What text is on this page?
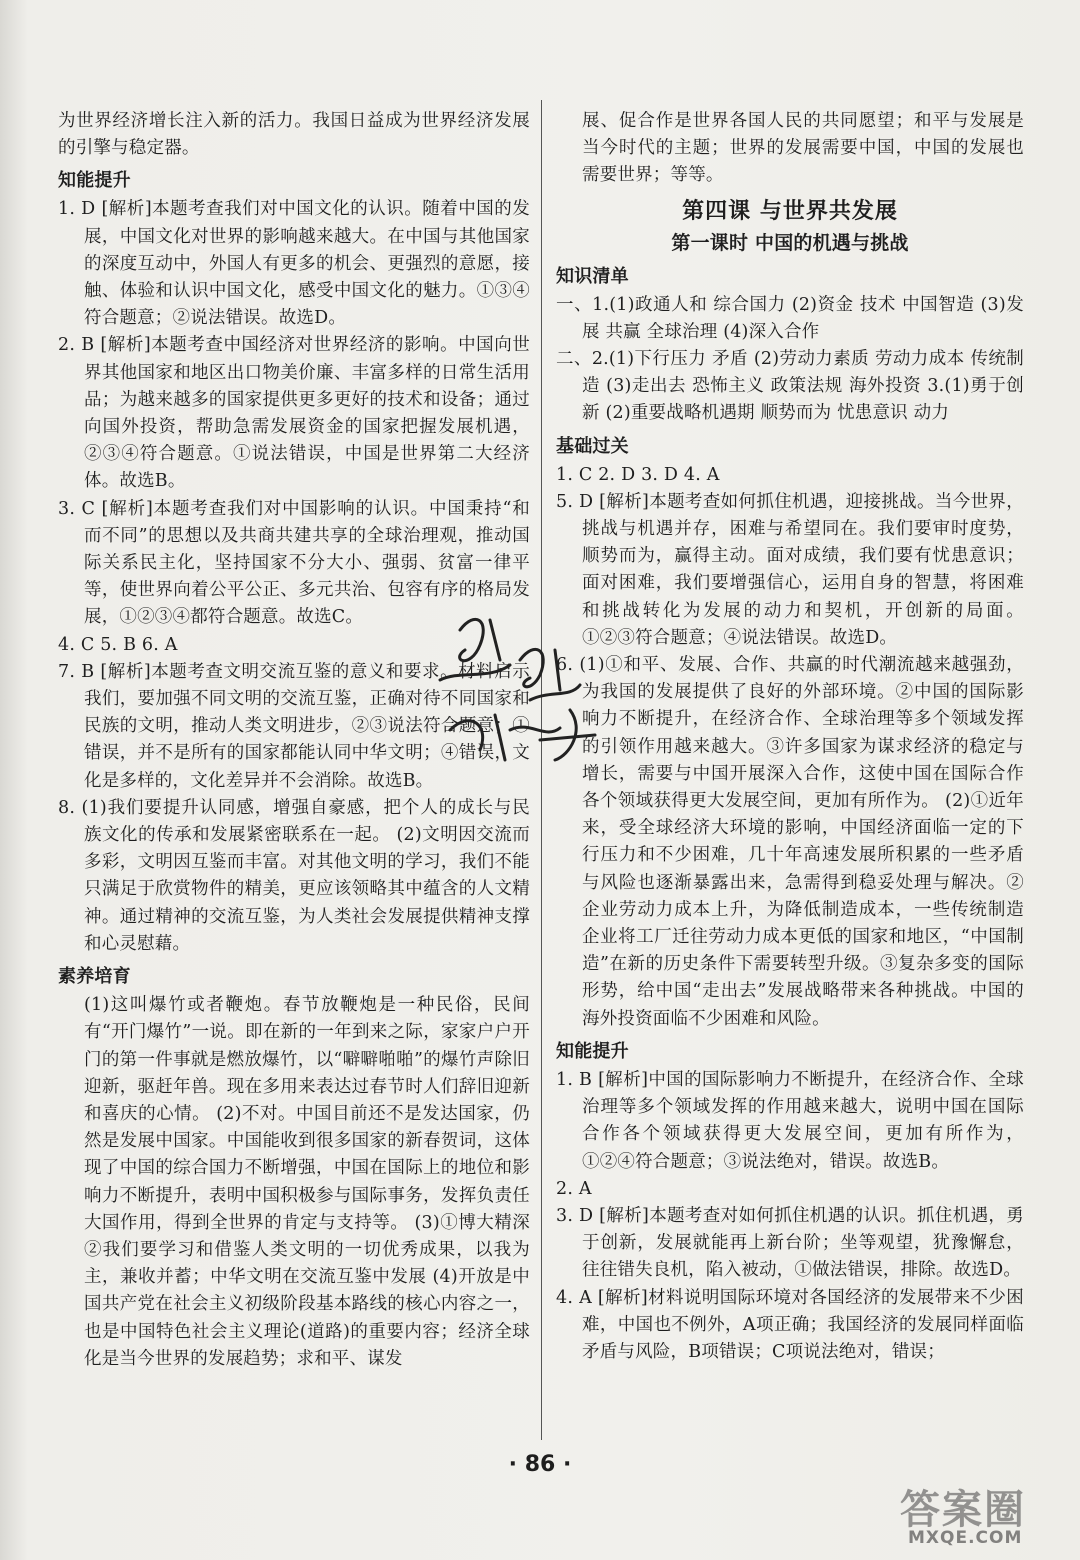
为世界经济增长注入新的活力。我国日益成为世界经济发展的引擎与稳定器。

知能提升

1. D [解析]本题考查我们对中国文化的认识。随着中国的发展，中国文化对世界的影响越来越大。在中国与其他国家的深度互动中，外国人有更多的机会、更强烈的意愿，接触、体验和认识中国文化，感受中国文化的魅力。①③④符合题意；②说法错误。故选D。

2. B [解析]本题考查中国经济对世界经济的影响。中国向世界其他国家和地区出口物美价廉、丰富多样的日常生活用品；为越来越多的国家提供更多更好的技术和设备；通过向国外投资，帮助急需发展资金的国家把握发展机遇，②③④符合题意。①说法错误，中国是世界第二大经济体。故选B。

3. C [解析]本题考查我们对中国影响的认识。中国秉持“和而不同”的思想以及共商共建共享的全球治理观，推动国际关系民主化，坚持国家不分大小、强弱、贫富一律平等，使世界向着公平公正、多元共治、包容有序的格局发展，①②③④都符合题意。故选C。

4. C 5. B 6. A

7. B [解析]本题考查文明交流互鉴的意义和要求。材料启示我们，要加强不同文明的交流互鉴，正确对待不同国家和民族的文明，推动人类文明进步，②③说法符合题意；①错误，并不是所有的国家都能认同中华文明；④错误，文化是多样的，文化差异并不会消除。故选B。

8. (1)我们要提升认同感，增强自豪感，把个人的成长与民族文化的传承和发展紧密联系在一起。 (2)文明因交流而多彩，文明因互鉴而丰富。对其他文明的学习，我们不能只满足于欣赏物件的精美，更应该领略其中蕴含的人文精神。通过精神的交流互鉴，为人类社会发展提供精神支撑和心灵慰藉。

素养培育

(1)这叫爆竹或者鞭炮。春节放鞭炮是一种民俗，民间有“开门爆竹”一说。即在新的一年到来之际，家家户户开门的第一件事就是燃放爆竹，以“噼噼啪啪”的爆竹声除旧迎新，驱赶年兽。现在多用来表达过春节时人们辞旧迎新和喜庆的心情。 (2)不对。中国目前还不是发达国家，仍然是发展中国家。中国能收到很多国家的新春贺词，这体现了中国的综合国力不断增强，中国在国际上的地位和影响力不断提升，表明中国积极参与国际事务，发挥负责任大国作用，得到全世界的肯定与支持等。 (3)①博大精深 ②我们要学习和借鉴人类文明的一切优秀成果，以我为主，兼收并蓄；中华文明在交流互鉴中发展 (4)开放是中国共产党在社会主义初级阶段基本路线的核心内容之一，也是中国特色社会主义理论(道路)的重要内容；经济全球化是当今世界的发展趋势；求和平、谋发

展、促合作是世界各国人民的共同愿望；和平与发展是当今时代的主题；世界的发展需要中国，中国的发展也需要世界；等等。

第四课 与世界共发展
第一课时 中国的机遇与挑战
知识清单

一、1.(1)政通人和 综合国力 (2)资金 技术 中国智造 (3)发展 共赢 全球治理 (4)深入合作

二、2.(1)下行压力 矛盾 (2)劳动力素质 劳动力成本 传统制造 (3)走出去 恐怖主义 政策法规 海外投资 3.(1)勇于创新 (2)重要战略机遇期 顺势而为 忧患意识 动力

基础过关

1. C 2. D 3. D 4. A

5. D [解析]本题考查如何抓住机遇，迎接挑战。当今世界，挑战与机遇并存，困难与希望同在。我们要审时度势，顺势而为，赢得主动。面对成绩，我们要有忧患意识；面对困难，我们要增强信心，运用自身的智慧，将困难和挑战转化为发展的动力和契机，开创新的局面。①②③符合题意；④说法错误。故选D。

6. (1)①和平、发展、合作、共赢的时代潮流越来越强劲，为我国的发展提供了良好的外部环境。②中国的国际影响力不断提升，在经济合作、全球治理等多个领域发挥的引领作用越来越大。③许多国家为谋求经济的稳定与增长，需要与中国开展深入合作，这使中国在国际合作各个领域获得更大发展空间，更加有所作为。 (2)①近年来，受全球经济大环境的影响，中国经济面临一定的下行压力和不少困难，几十年高速发展所积累的一些矛盾与风险也逐渐暴露出来，急需得到稳妥处理与解决。②企业劳动力成本上升，为降低制造成本，一些传统制造企业将工厂迁往劳动力成本更低的国家和地区，“中国制造”在新的历史条件下需要转型升级。③复杂多变的国际形势，给中国“走出去”发展战略带来各种挑战。中国的海外投资面临不少困难和风险。

知能提升

1. B [解析]中国的国际影响力不断提升，在经济合作、全球治理等多个领域发挥的作用越来越大，说明中国在国际合作各个领域获得更大发展空间，更加有所作为，①②④符合题意；③说法绝对，错误。故选B。

2. A

3. D [解析]本题考查对如何抓住机遇的认识。抓住机遇，勇于创新，发展就能再上新台阶；坐等观望，犹豫懈怠，往往错失良机，陷入被动，①做法错误，排除。故选D。

4. A [解析]材料说明国际环境对各国经济的发展带来不少困难，中国也不例外，A项正确；我国经济的发展同样面临矛盾与风险，B项错误；C项说法绝对，错误；

· 86 ·
答案圈
MXQE.COM
